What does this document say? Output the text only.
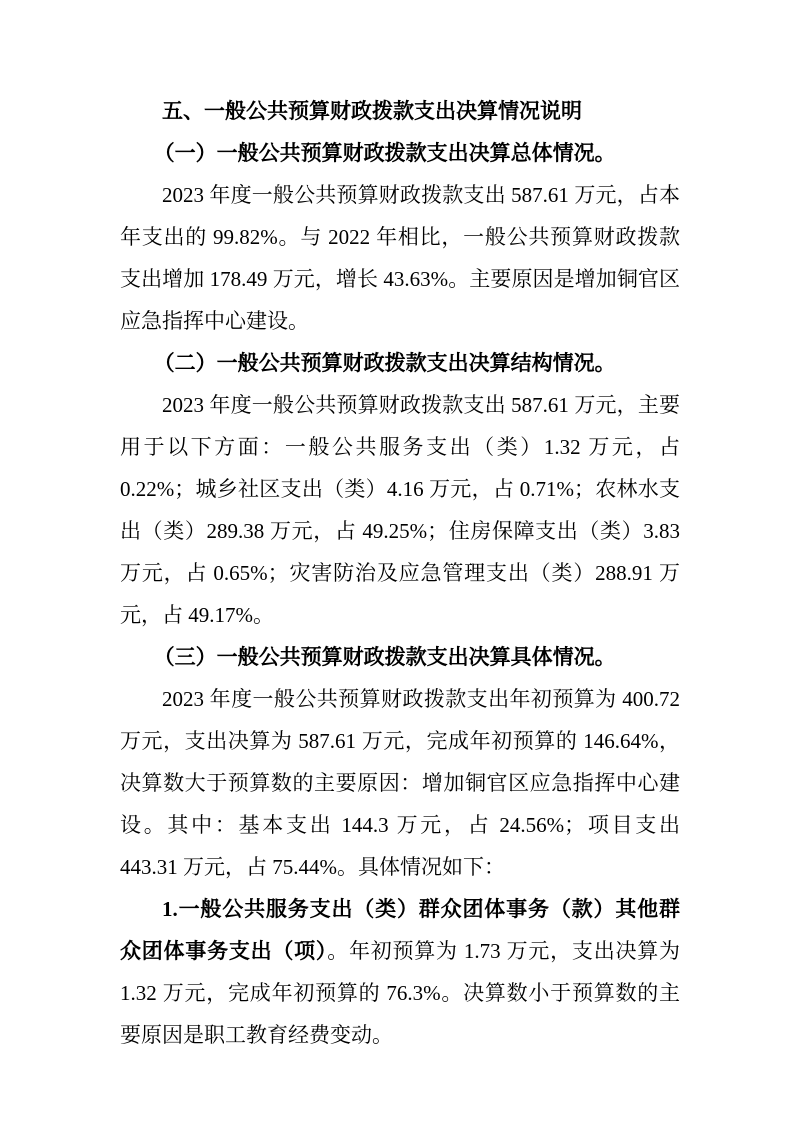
五、一般公共预算财政拨款支出决算情况说明

（一）一般公共预算财政拨款支出决算总体情况。

2023 年度一般公共预算财政拨款支出 587.61 万元，占本年支出的 99.82%。与 2022 年相比，一般公共预算财政拨款支出增加 178.49 万元，增长 43.63%。主要原因是增加铜官区应急指挥中心建设。

（二）一般公共预算财政拨款支出决算结构情况。

2023 年度一般公共预算财政拨款支出 587.61 万元，主要用于以下方面：一般公共服务支出（类）1.32 万元，占 0.22%；城乡社区支出（类）4.16 万元，占 0.71%；农林水支出（类）289.38 万元，占 49.25%；住房保障支出（类）3.83 万元，占 0.65%；灾害防治及应急管理支出（类）288.91 万元，占 49.17%。

（三）一般公共预算财政拨款支出决算具体情况。

2023 年度一般公共预算财政拨款支出年初预算为 400.72 万元，支出决算为 587.61 万元，完成年初预算的 146.64%，决算数大于预算数的主要原因：增加铜官区应急指挥中心建设。其中：基本支出 144.3 万元，占 24.56%；项目支出 443.31 万元，占 75.44%。具体情况如下：

1.一般公共服务支出（类）群众团体事务（款）其他群众团体事务支出（项）。年初预算为 1.73 万元，支出决算为 1.32 万元，完成年初预算的 76.3%。决算数小于预算数的主要原因是职工教育经费变动。
